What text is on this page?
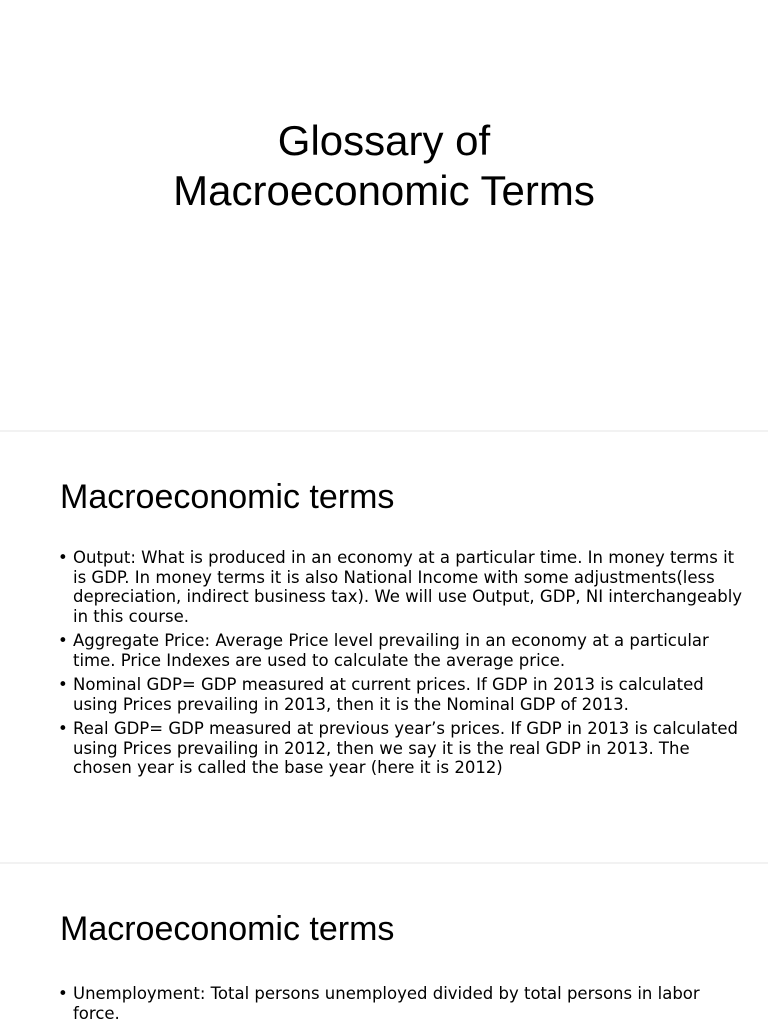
Glossary of
Macroeconomic Terms
Macroeconomic terms
• Output: What is produced in an economy at a particular time. In money terms it is GDP. In money terms it is also National Income with some adjustments(less depreciation, indirect business tax). We will use Output, GDP, NI interchangeably in this course.
• Aggregate Price: Average Price level prevailing in an economy at a particular time. Price Indexes are used to calculate the average price.
• Nominal GDP= GDP measured at current prices. If GDP in 2013 is calculated using Prices prevailing in 2013, then it is the Nominal GDP of 2013.
• Real GDP= GDP measured at previous year’s prices. If GDP in 2013 is calculated using Prices prevailing in 2012, then we say it is the real GDP in 2013. The chosen year is called the base year (here it is 2012)
Macroeconomic terms
• Unemployment: Total persons unemployed divided by total persons in labor force.
